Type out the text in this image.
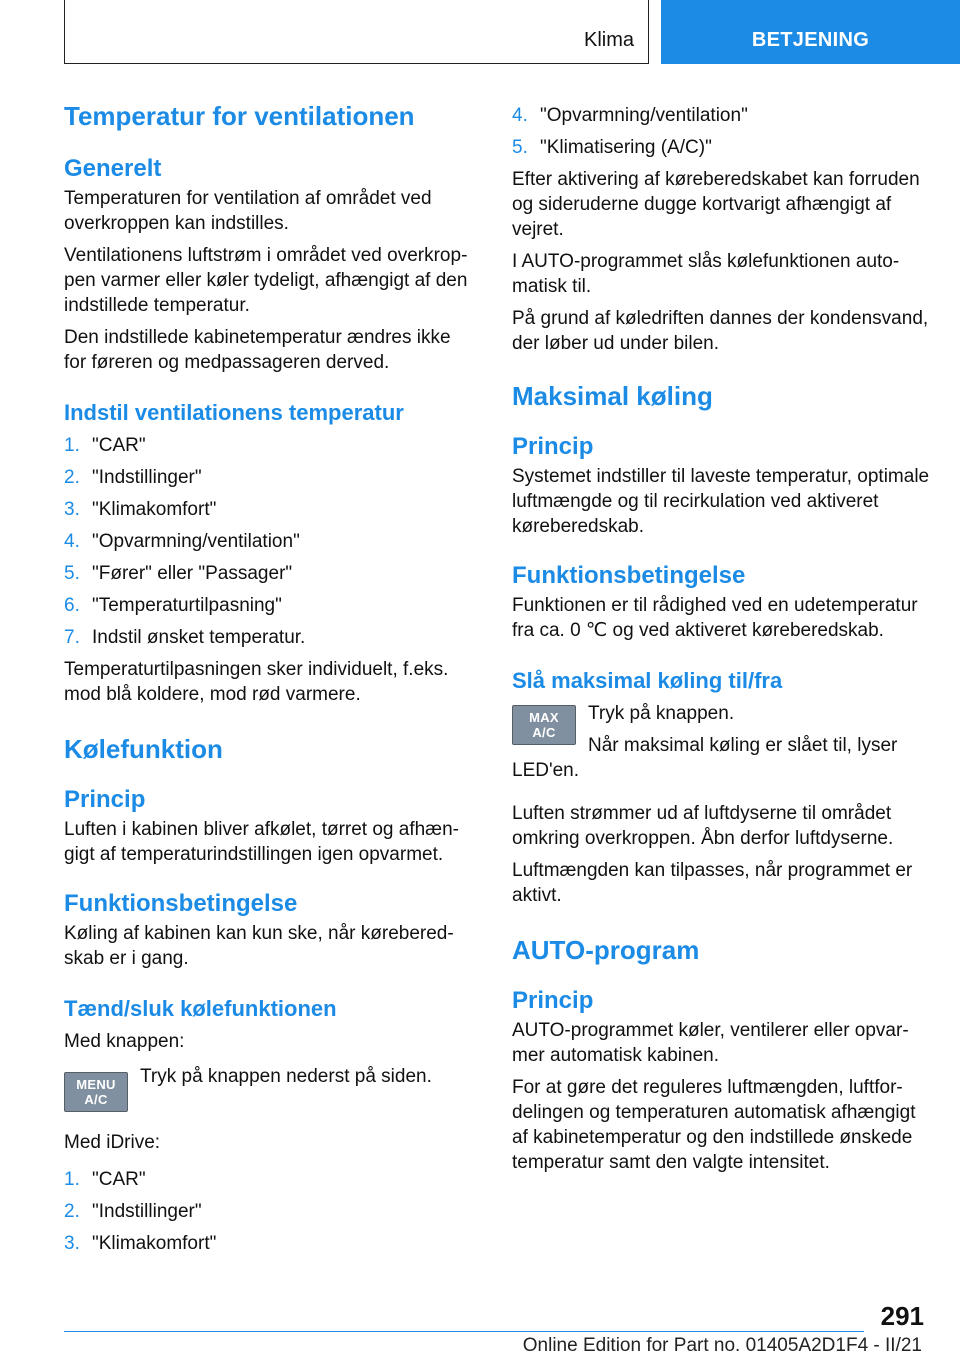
Klima	BETJENING
Temperatur for ventilationen
Generelt

Temperaturen for ventilation af området ved overkroppen kan indstilles.

Ventilationens luftstrøm i området ved overkroppen varmer eller køler tydeligt, afhængigt af den indstillede temperatur.

Den indstillede kabinetemperatur ændres ikke for føreren og medpassageren derved.

Indstil ventilationens temperatur
1. "CAR"
2. "Indstillinger"
3. "Klimakomfort"
4. "Opvarmning/ventilation"
5. "Fører" eller "Passager"
6. "Temperaturtilpasning"
7. Indstil ønsket temperatur.

Temperaturtilpasningen sker individuelt, f.eks. mod blå koldere, mod rød varmere.

Kølefunktion
Princip

Luften i kabinen bliver afkølet, tørret og afhængigt af temperaturindstillingen igen opvarmet.

Funktionsbetingelse

Køling af kabinen kan kun ske, når køreberedskab er i gang.

Tænd/sluk kølefunktionen

Med knappen:

MENU
A/C

Tryk på knappen nederst på siden.

Med iDrive:

1. "CAR"
2. "Indstillinger"
3. "Klimakomfort"
4. "Opvarmning/ventilation"
5. "Klimatisering (A/C)"

Efter aktivering af køreberedskabet kan forruden og sideruderne dugge kortvarigt afhængigt af vejret.

I AUTO-programmet slås kølefunktionen automatisk til.

På grund af køledriften dannes der kondensvand, der løber ud under bilen.

Maksimal køling
Princip

Systemet indstiller til laveste temperatur, optimale luftmængde og til recirkulation ved aktiveret køreberedskab.

Funktionsbetingelse

Funktionen er til rådighed ved en udetemperatur fra ca. 0 ℃ og ved aktiveret køreberedskab.

Slå maksimal køling til/fra
MAX
A/C

Tryk på knappen.

Når maksimal køling er slået til, lyser

LED'en.

Luften strømmer ud af luftdyserne til området omkring overkroppen. Åbn derfor luftdyserne.

Luftmængden kan tilpasses, når programmet er aktivt.

AUTO-program
Princip

AUTO-programmet køler, ventilerer eller opvarmer automatisk kabinen.

For at gøre det reguleres luftmængden, luftfordelingen og temperaturen automatisk afhængigt af kabinetemperatur og den indstillede ønskede temperatur samt den valgte intensitet.

291
Online Edition for Part no. 01405A2D1F4 - II/21
